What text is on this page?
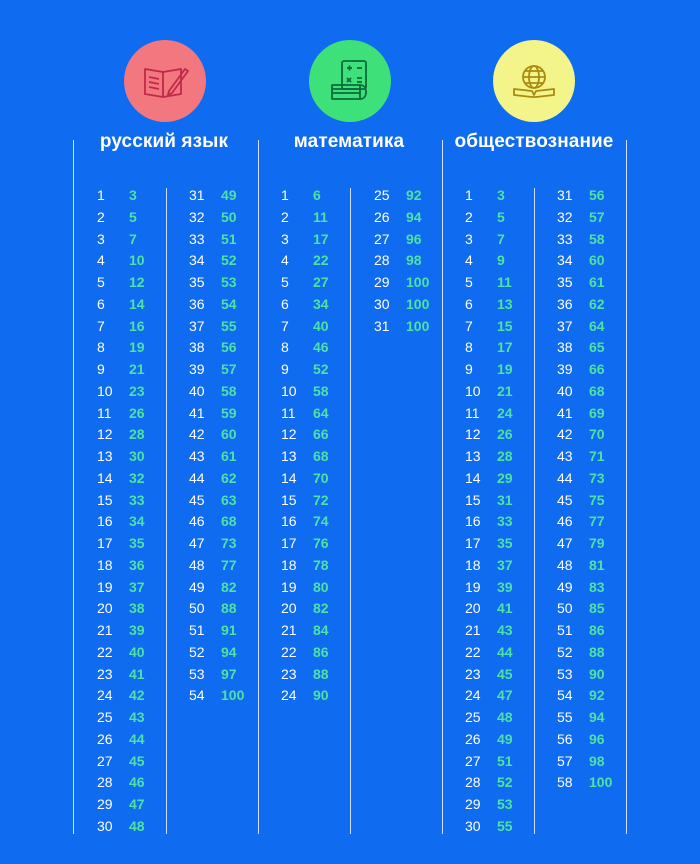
русский язык	математика	обществознание
1 3
2 5
3 7
4 10
5 12
6 14
7 16
8 19
9 21
10 23
11 26
12 28
13 30
14 32
15 33
16 34
17 35
18 36
19 37
20 38
21 39
22 40
23 41
24 42
25 43
26 44
27 45
28 46
29 47
30 48
31 49
32 50
33 51
34 52
35 53
36 54
37 55
38 56
39 57
40 58
41 59
42 60
43 61
44 62
45 63
46 68
47 73
48 77
49 82
50 88
51 91
52 94
53 97
54 100
1 6
2 11
3 17
4 22
5 27
6 34
7 40
8 46
9 52
10 58
11 64
12 66
13 68
14 70
15 72
16 74
17 76
18 78
19 80
20 82
21 84
22 86
23 88
24 90
25 92
26 94
27 96
28 98
29 100
30 100
31 100
1 3
2 5
3 7
4 9
5 11
6 13
7 15
8 17
9 19
10 21
11 24
12 26
13 28
14 29
15 31
16 33
17 35
18 37
19 39
20 41
21 43
22 44
23 45
24 47
25 48
26 49
27 51
28 52
29 53
30 55
31 56
32 57
33 58
34 60
35 61
36 62
37 64
38 65
39 66
40 68
41 69
42 70
43 71
44 73
45 75
46 77
47 79
48 81
49 83
50 85
51 86
52 88
53 90
54 92
55 94
56 96
57 98
58 100
